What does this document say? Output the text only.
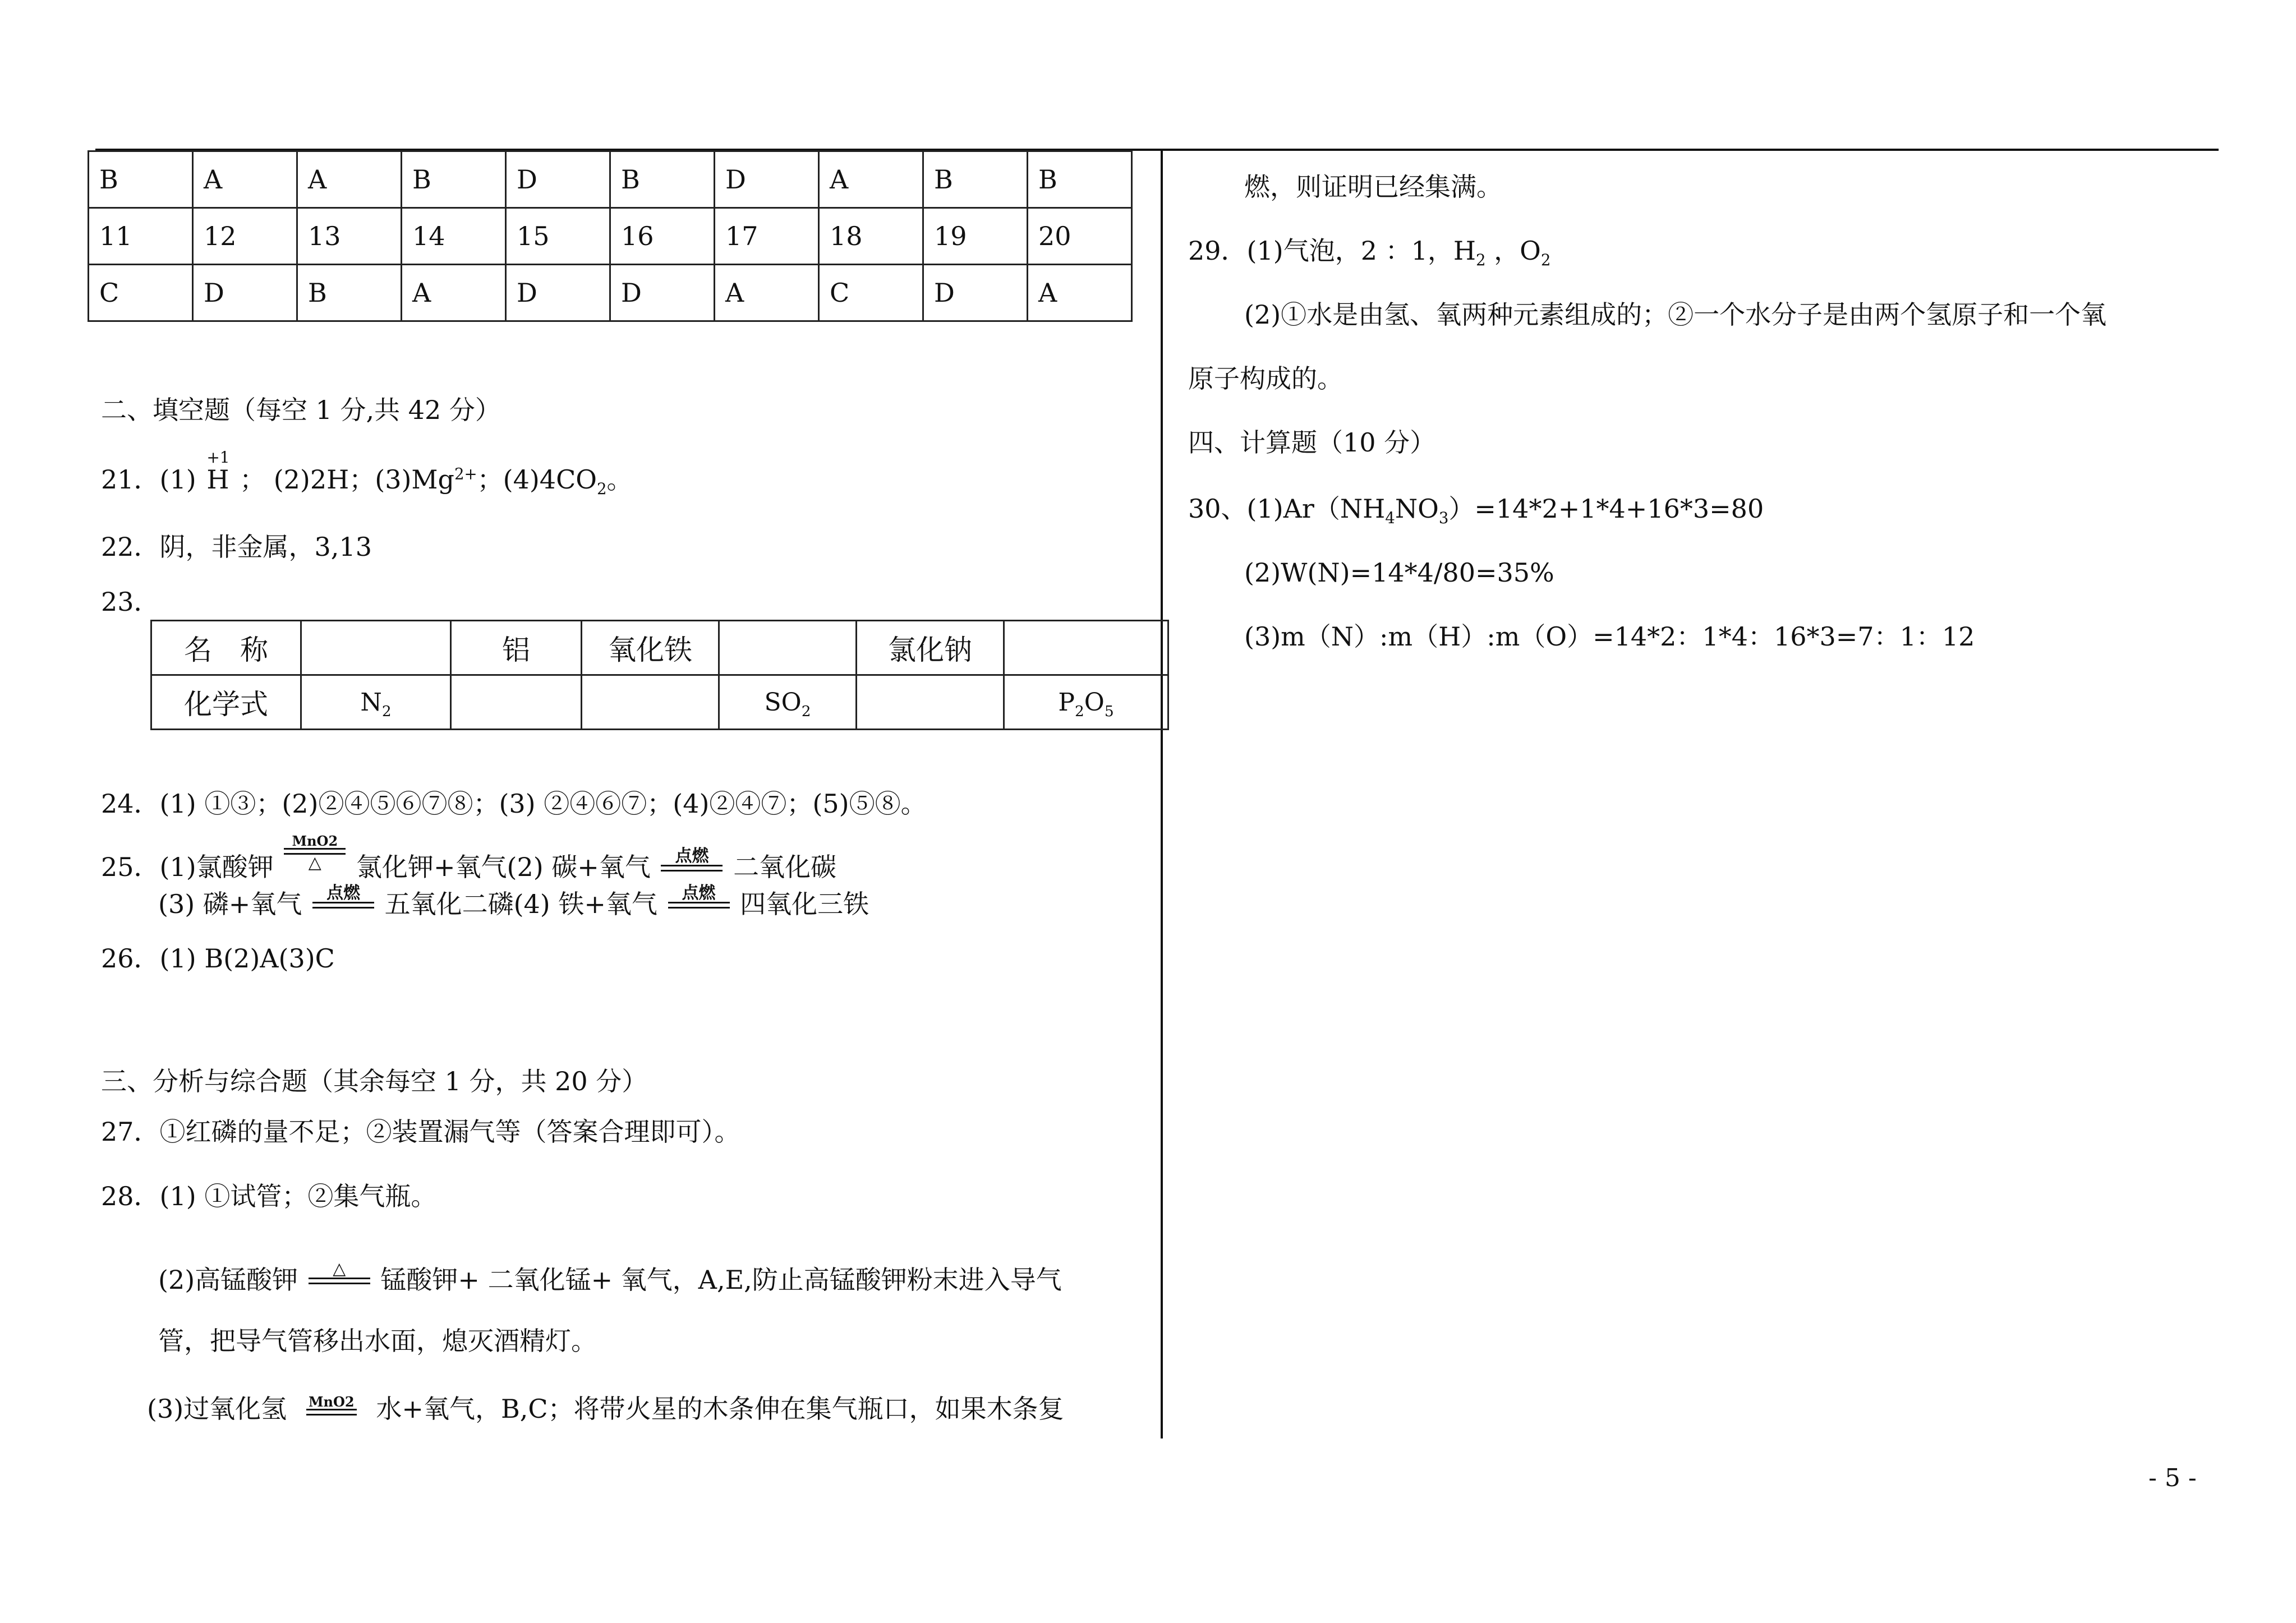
B	A	A	B	D	B	D	A	B	B
11	12	13	14	15	16	17	18	19	20
C	D	B	A	D	D	A	C	D	A
二、填空题（每空 1 分,共 42 分）
21．(1)
+1
H ； (2)2H；$(3)Mg^{2+}$；$(4)4CO_2$。
22．阴，非金属，3,13
23．
名　称		铝	氧化铁		氯化钠	
化学式	$N_2$			$SO_2$		$P_2O_5$
24．(1) ①③；(2)②④⑤⑥⑦⑧；(3) ②④⑥⑦；(4)②④⑦；(5)⑤⑧。
25．(1)氯酸钾
MnO2
△	氯化钾+氧气(2) 碳+氧气	点燃 二氧化碳
(3) 磷+氧气	点燃 五氧化二磷(4) 铁+氧气	点燃 四氧化三铁
26．(1) B(2)A(3)C
三、分析与综合题（其余每空 1 分，共 20 分）
27．①红磷的量不足；②装置漏气等（答案合理即可）。
28．(1) ①试管；②集气瓶。
(2)高锰酸钾	△	锰酸钾+ 二氧化锰+ 氧气，A,E,防止高锰酸钾粉末进入导气
管，把导气管移出水面，熄灭酒精灯。
(3)过氧化氢 MnO2 水+氧气，B,C；将带火星的木条伸在集气瓶口，如果木条复
燃，则证明已经集满。
29．(1)气泡，2 ：1，$H_2$ ，$O_2$
(2)①水是由氢、氧两种元素组成的；②一个水分子是由两个氢原子和一个氧
原子构成的。
四、计算题（10 分）
30、$(1)Ar(NH_4NO_3)=14*2+1*4+16*3=80$
(2)W(N)=14*4/80=35%
(3)m（N）:m（H）:m（O）=14*2：1*4：16*3=7：1：12
- 5 -
